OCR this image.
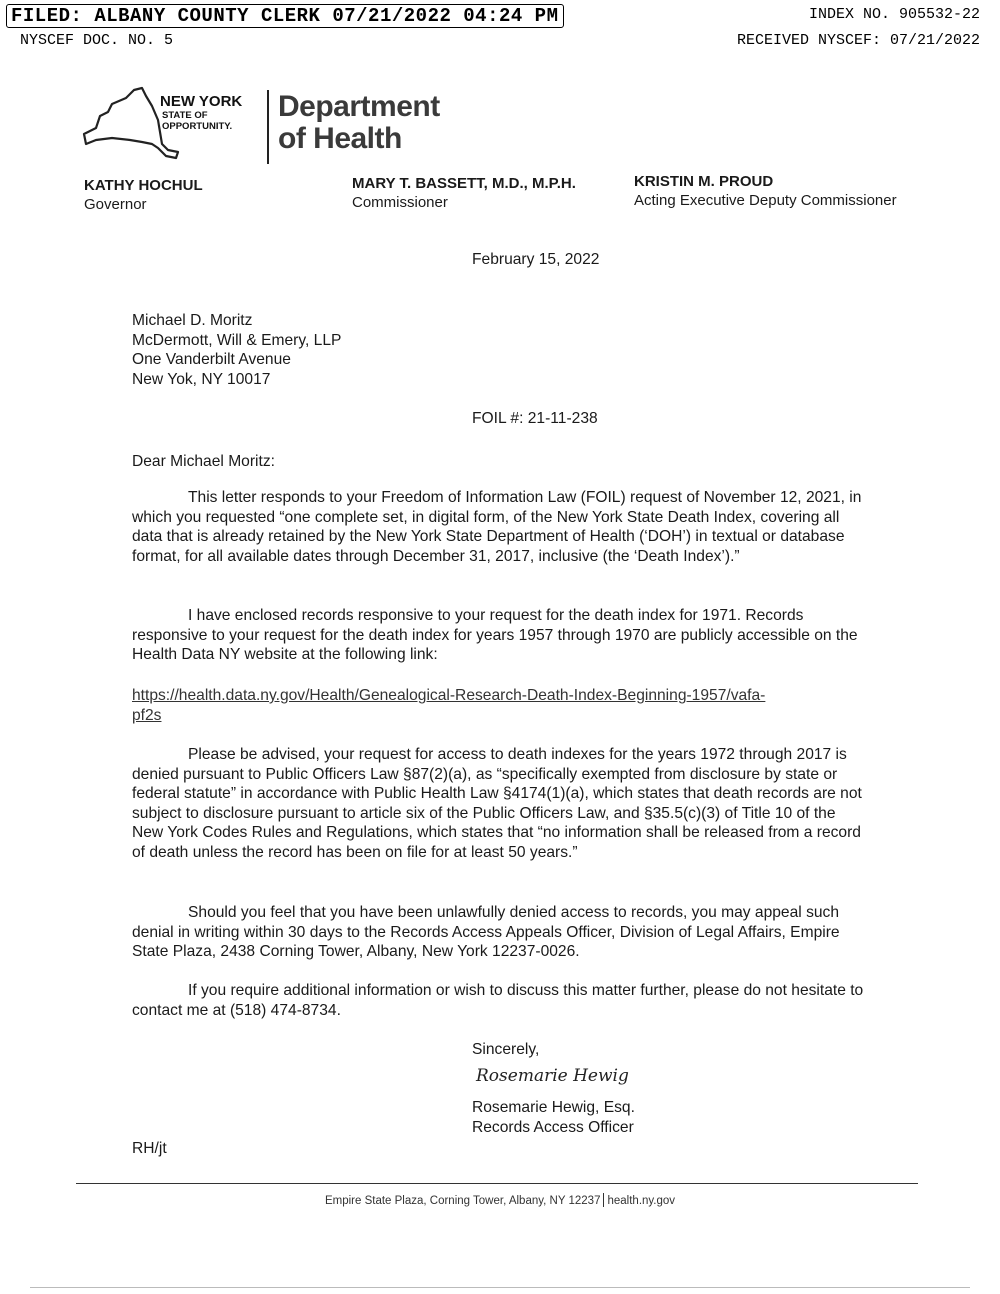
FILED: ALBANY COUNTY CLERK 07/21/2022 04:24 PM	INDEX NO. 905532-22
NYSCEF DOC. NO. 5	RECEIVED NYSCEF: 07/21/2022
NEW YORK
STATE OF
OPPORTUNITY.
Department
of Health
KATHY HOCHUL
Governor
MARY T. BASSETT, M.D., M.P.H.
Commissioner
KRISTIN M. PROUD
Acting Executive Deputy Commissioner
February 15, 2022
Michael D. Moritz
McDermott, Will & Emery, LLP
One Vanderbilt Avenue
New Yok, NY 10017
FOIL #: 21-11-238
Dear Michael Moritz:
This letter responds to your Freedom of Information Law (FOIL) request of November 12, 2021, in which you requested “one complete set, in digital form, of the New York State Death Index, covering all data that is already retained by the New York State Department of Health (‘DOH’) in textual or database format, for all available dates through December 31, 2017, inclusive (the ‘Death Index’).”
I have enclosed records responsive to your request for the death index for 1971. Records responsive to your request for the death index for years 1957 through 1970 are publicly accessible on the Health Data NY website at the following link:
https://health.data.ny.gov/Health/Genealogical-Research-Death-Index-Beginning-1957/vafa-
pf2s
Please be advised, your request for access to death indexes for the years 1972 through 2017 is denied pursuant to Public Officers Law §87(2)(a), as “specifically exempted from disclosure by state or federal statute” in accordance with Public Health Law §4174(1)(a), which states that death records are not subject to disclosure pursuant to article six of the Public Officers Law, and §35.5(c)(3) of Title 10 of the New York Codes Rules and Regulations, which states that “no information shall be released from a record of death unless the record has been on file for at least 50 years.”
Should you feel that you have been unlawfully denied access to records, you may appeal such denial in writing within 30 days to the Records Access Appeals Officer, Division of Legal Affairs, Empire State Plaza, 2438 Corning Tower, Albany, New York 12237-0026.
If you require additional information or wish to discuss this matter further, please do not hesitate to contact me at (518) 474-8734.
Sincerely,
Rosemarie Hewig
Rosemarie Hewig, Esq.
Records Access Officer
RH/jt
Empire State Plaza, Corning Tower, Albany, NY 12237 health.ny.gov
